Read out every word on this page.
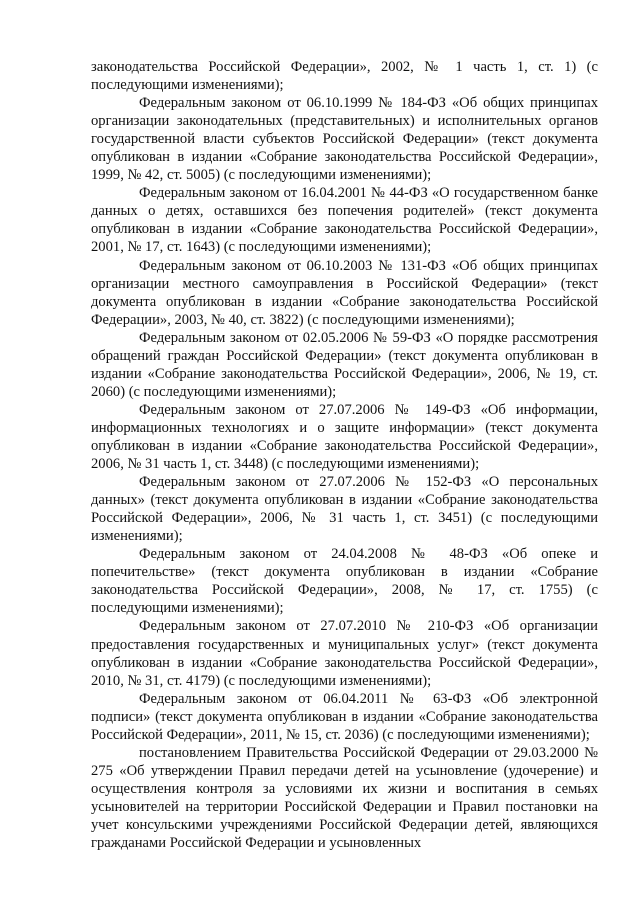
законодательства Российской Федерации», 2002, № 1 часть 1, ст. 1) (с последующими изменениями);

Федеральным законом от 06.10.1999 № 184-ФЗ «Об общих принципах организации законодательных (представительных) и исполнительных органов государственной власти субъектов Российской Федерации» (текст документа опубликован в издании «Собрание законодательства Российской Федерации», 1999, № 42, ст. 5005) (с последующими изменениями);

Федеральным законом от 16.04.2001 № 44-ФЗ «О государственном банке данных о детях, оставшихся без попечения родителей» (текст документа опубликован в издании «Собрание законодательства Российской Федерации», 2001, № 17, ст. 1643) (с последующими изменениями);

Федеральным законом от 06.10.2003 № 131-ФЗ «Об общих принципах организации местного самоуправления в Российской Федерации» (текст документа опубликован в издании «Собрание законодательства Российской Федерации», 2003, № 40, ст. 3822) (с последующими изменениями);

Федеральным законом от 02.05.2006 № 59-ФЗ «О порядке рассмотрения обращений граждан Российской Федерации» (текст документа опубликован в издании «Собрание законодательства Российской Федерации», 2006, № 19, ст. 2060) (с последующими изменениями);

Федеральным законом от 27.07.2006 № 149-ФЗ «Об информации, информационных технологиях и о защите информации» (текст документа опубликован в издании «Собрание законодательства Российской Федерации», 2006, № 31 часть 1, ст. 3448) (с последующими изменениями);

Федеральным законом от 27.07.2006 № 152-ФЗ «О персональных данных» (текст документа опубликован в издании «Собрание законодательства Российской Федерации», 2006, № 31 часть 1, ст. 3451) (с последующими изменениями);

Федеральным законом от 24.04.2008 № 48-ФЗ «Об опеке и попечительстве» (текст документа опубликован в издании «Собрание законодательства Российской Федерации», 2008, № 17, ст. 1755) (с последующими изменениями);

Федеральным законом от 27.07.2010 № 210-ФЗ «Об организации предоставления государственных и муниципальных услуг» (текст документа опубликован в издании «Собрание законодательства Российской Федерации», 2010, № 31, ст. 4179) (с последующими изменениями);

Федеральным законом от 06.04.2011 № 63-ФЗ «Об электронной подписи» (текст документа опубликован в издании «Собрание законодательства Российской Федерации», 2011, № 15, ст. 2036) (с последующими изменениями);

постановлением Правительства Российской Федерации от 29.03.2000 № 275 «Об утверждении Правил передачи детей на усыновление (удочерение) и осуществления контроля за условиями их жизни и воспитания в семьях усыновителей на территории Российской Федерации и Правил постановки на учет консульскими учреждениями Российской Федерации детей, являющихся гражданами Российской Федерации и усыновленных
